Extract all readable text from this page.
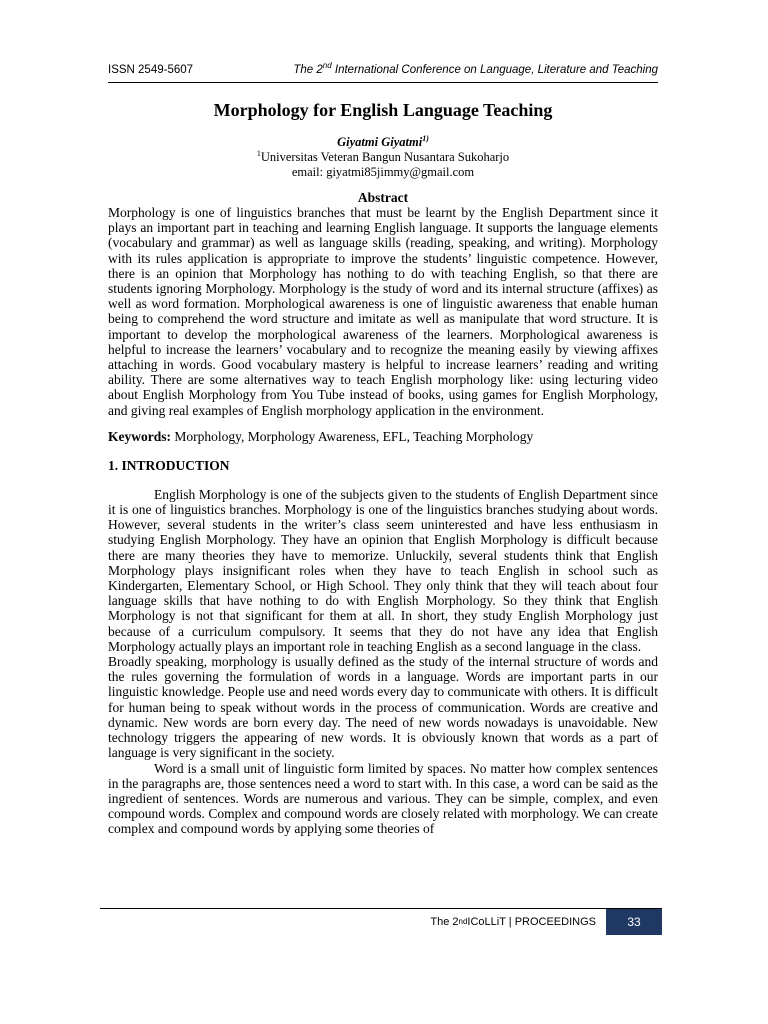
ISSN 2549-5607	The 2nd International Conference on Language, Literature and Teaching
Morphology for English Language Teaching
Giyatmi Giyatmi$^{1)}$
$^1$Universitas Veteran Bangun Nusantara Sukoharjo
email: giyatmi85jimmy@gmail.com
Abstract

Morphology is one of linguistics branches that must be learnt by the English Department since it plays an important part in teaching and learning English language. It supports the language elements (vocabulary and grammar) as well as language skills (reading, speaking, and writing). Morphology with its rules application is appropriate to improve the students’ linguistic competence. However, there is an opinion that Morphology has nothing to do with teaching English, so that there are students ignoring Morphology. Morphology is the study of word and its internal structure (affixes) as well as word formation. Morphological awareness is one of linguistic awareness that enable human being to comprehend the word structure and imitate as well as manipulate that word structure. It is important to develop the morphological awareness of the learners. Morphological awareness is helpful to increase the learners’ vocabulary and to recognize the meaning easily by viewing affixes attaching in words. Good vocabulary mastery is helpful to increase learners’ reading and writing ability. There are some alternatives way to teach English morphology like: using lecturing video about English Morphology from You Tube instead of books, using games for English Morphology, and giving real examples of English morphology application in the environment.

Keywords: Morphology, Morphology Awareness, EFL, Teaching Morphology
1. INTRODUCTION

English Morphology is one of the subjects given to the students of English Department since it is one of linguistics branches. Morphology is one of the linguistics branches studying about words. However, several students in the writer’s class seem uninterested and have less enthusiasm in studying English Morphology. They have an opinion that English Morphology is difficult because there are many theories they have to memorize. Unluckily, several students think that English Morphology plays insignificant roles when they have to teach English in school such as Kindergarten, Elementary School, or High School. They only think that they will teach about four language skills that have nothing to do with English Morphology. So they think that English Morphology is not that significant for them at all. In short, they study English Morphology just because of a curriculum compulsory. It seems that they do not have any idea that English Morphology actually plays an important role in teaching English as a second language in the class.

Broadly speaking, morphology is usually defined as the study of the internal structure of words and the rules governing the formulation of words in a language. Words are important parts in our linguistic knowledge. People use and need words every day to communicate with others. It is difficult for human being to speak without words in the process of communication. Words are creative and dynamic. New words are born every day. The need of new words nowadays is unavoidable. New technology triggers the appearing of new words. It is obviously known that words as a part of language is very significant in the society.

Word is a small unit of linguistic form limited by spaces. No matter how complex sentences in the paragraphs are, those sentences need a word to start with. In this case, a word can be said as the ingredient of sentences. Words are numerous and various. They can be simple, complex, and even compound words. Complex and compound words are closely related with morphology. We can create complex and compound words by applying some theories of

The 2 nd ICoLLiT | PROCEEDINGS	33
